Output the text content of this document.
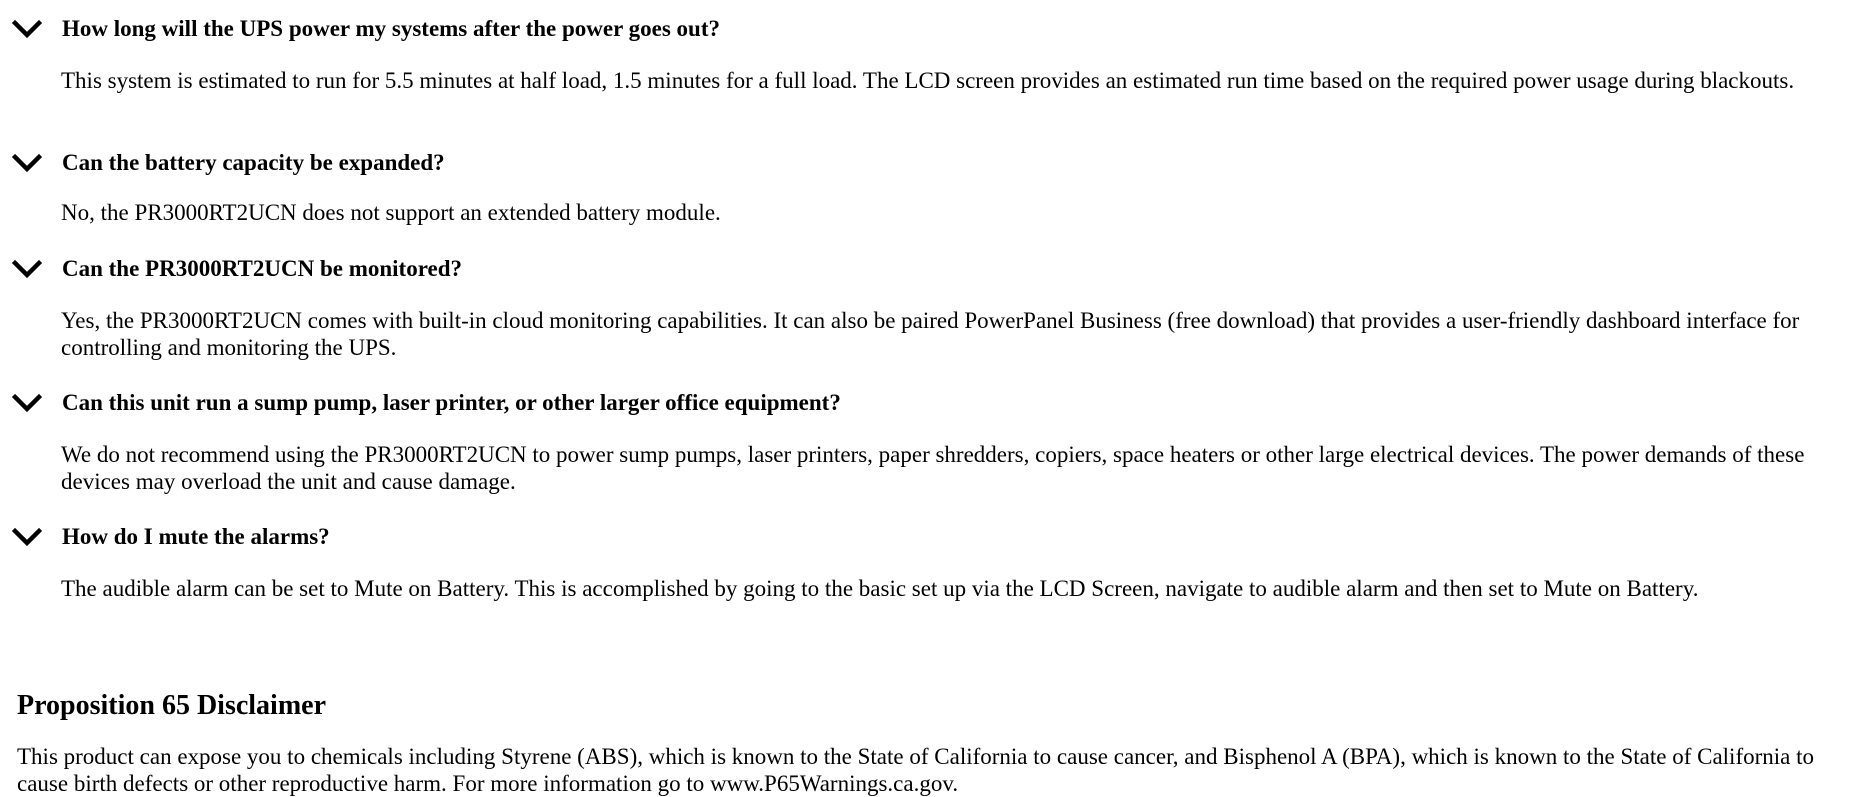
How long will the UPS power my systems after the power goes out?
This system is estimated to run for 5.5 minutes at half load, 1.5 minutes for a full load. The LCD screen provides an estimated run time based on the required power usage during blackouts.
Can the battery capacity be expanded?
No, the PR3000RT2UCN does not support an extended battery module.
Can the PR3000RT2UCN be monitored?
Yes, the PR3000RT2UCN comes with built-in cloud monitoring capabilities. It can also be paired PowerPanel Business (free download) that provides a user-friendly dashboard interface for controlling and monitoring the UPS.
Can this unit run a sump pump, laser printer, or other larger office equipment?
We do not recommend using the PR3000RT2UCN to power sump pumps, laser printers, paper shredders, copiers, space heaters or other large electrical devices. The power demands of these devices may overload the unit and cause damage.
How do I mute the alarms?
The audible alarm can be set to Mute on Battery. This is accomplished by going to the basic set up via the LCD Screen, navigate to audible alarm and then set to Mute on Battery.
Proposition 65 Disclaimer

This product can expose you to chemicals including Styrene (ABS), which is known to the State of California to cause cancer, and Bisphenol A (BPA), which is known to the State of California to cause birth defects or other reproductive harm. For more information go to www.P65Warnings.ca.gov.
